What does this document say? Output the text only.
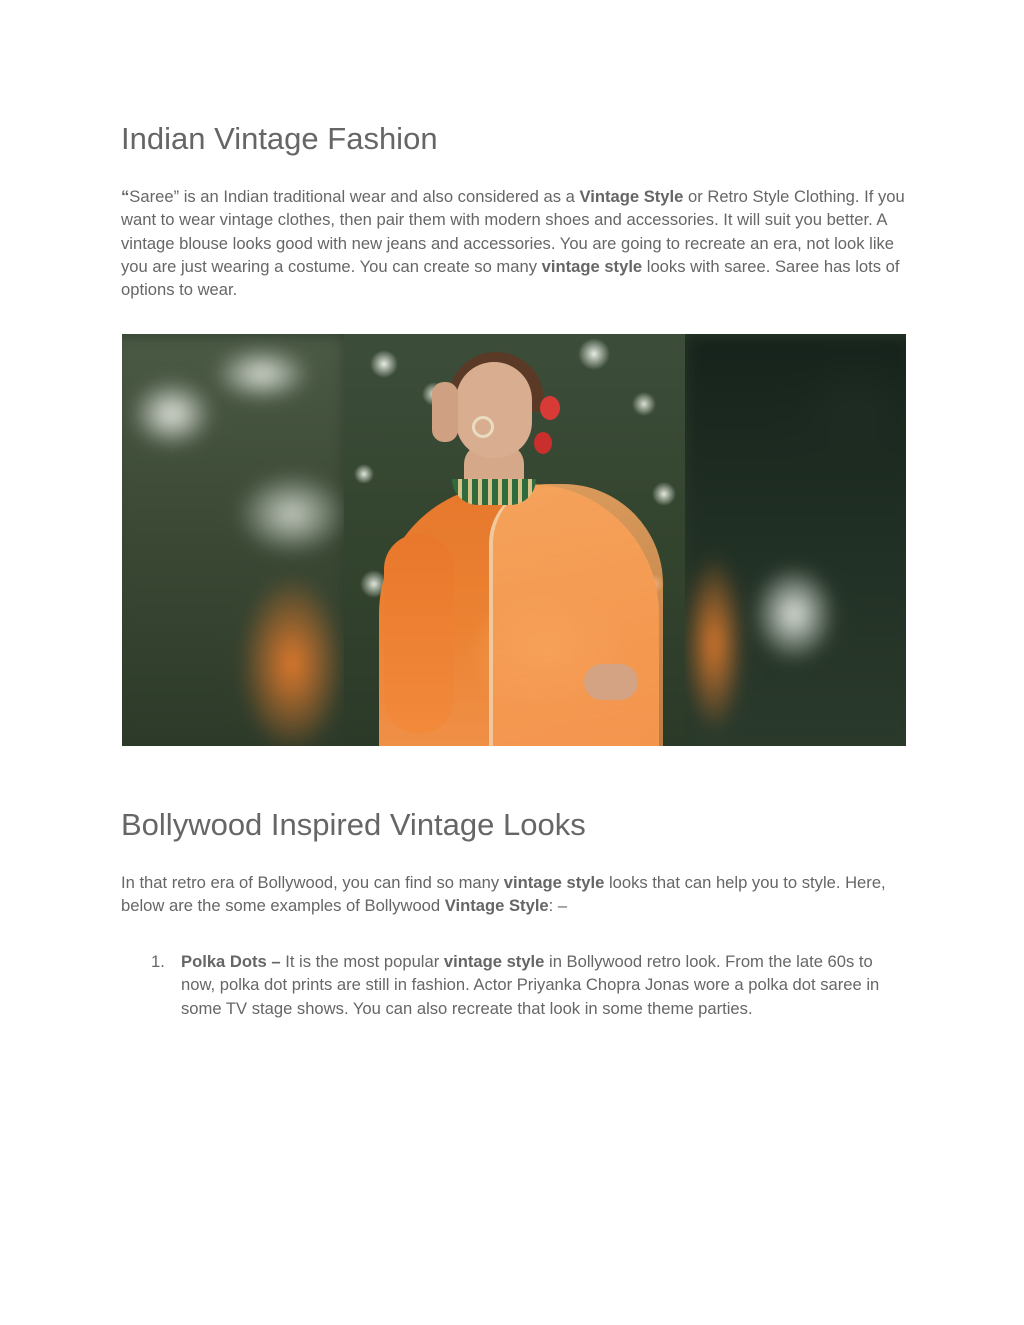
Indian Vintage Fashion

“Saree” is an Indian traditional wear and also considered as a Vintage Style or Retro Style Clothing. If you want to wear vintage clothes, then pair them with modern shoes and accessories. It will suit you better. A vintage blouse looks good with new jeans and accessories. You are going to recreate an era, not look like you are just wearing a costume. You can create so many vintage style looks with saree. Saree has lots of options to wear.

Bollywood Inspired Vintage Looks

In that retro era of Bollywood, you can find so many vintage style looks that can help you to style. Here, below are the some examples of Bollywood Vintage Style: –

1. Polka Dots – It is the most popular vintage style in Bollywood retro look. From the late 60s to now, polka dot prints are still in fashion. Actor Priyanka Chopra Jonas wore a polka dot saree in some TV stage shows. You can also recreate that look in some theme parties.
